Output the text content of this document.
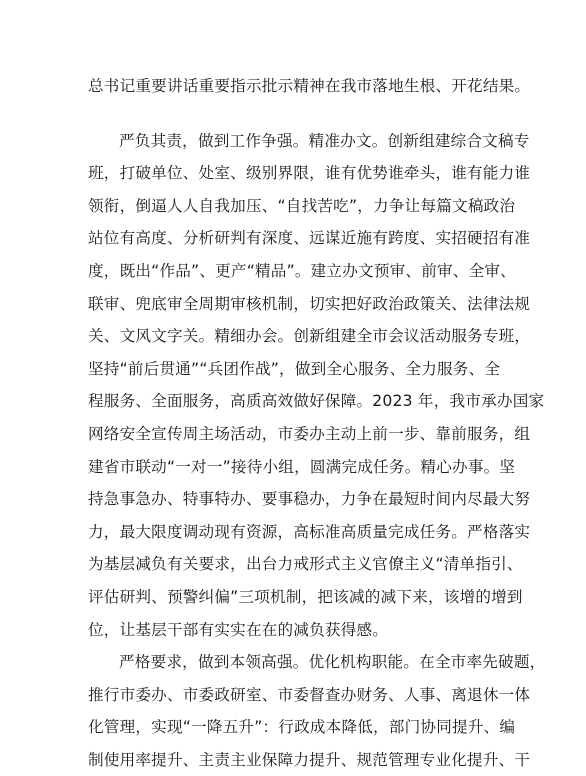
总书记重要讲话重要指示批示精神在我市落地生根、开花结果。
严负其责，做到工作争强。精准办文。创新组建综合文稿专
班，打破单位、处室、级别界限，谁有优势谁牵头，谁有能力谁
领衔，倒逼人人自我加压、“自找苦吃”，力争让每篇文稿政治
站位有高度、分析研判有深度、远谋近施有跨度、实招硬招有准
度，既出“作品”、更产“精品”。建立办文预审、前审、全审、
联审、兜底审全周期审核机制，切实把好政治政策关、法律法规
关、文风文字关。精细办会。创新组建全市会议活动服务专班，
坚持“前后贯通”“兵团作战”，做到全心服务、全力服务、全
程服务、全面服务，高质高效做好保障。2023 年，我市承办国家
网络安全宣传周主场活动，市委办主动上前一步、靠前服务，组
建省市联动“一对一”接待小组，圆满完成任务。精心办事。坚
持急事急办、特事特办、要事稳办，力争在最短时间内尽最大努
力，最大限度调动现有资源，高标准高质量完成任务。严格落实
为基层减负有关要求，出台力戒形式主义官僚主义“清单指引、
评估研判、预警纠偏”三项机制，把该减的减下来，该增的增到
位，让基层干部有实实在在的减负获得感。
严格要求，做到本领高强。优化机构职能。在全市率先破题，
推行市委办、市委政研室、市委督查办财务、人事、离退休一体
化管理，实现“一降五升”：行政成本降低，部门协同提升、编
制使用率提升、主责主业保障力提升、规范管理专业化提升、干
